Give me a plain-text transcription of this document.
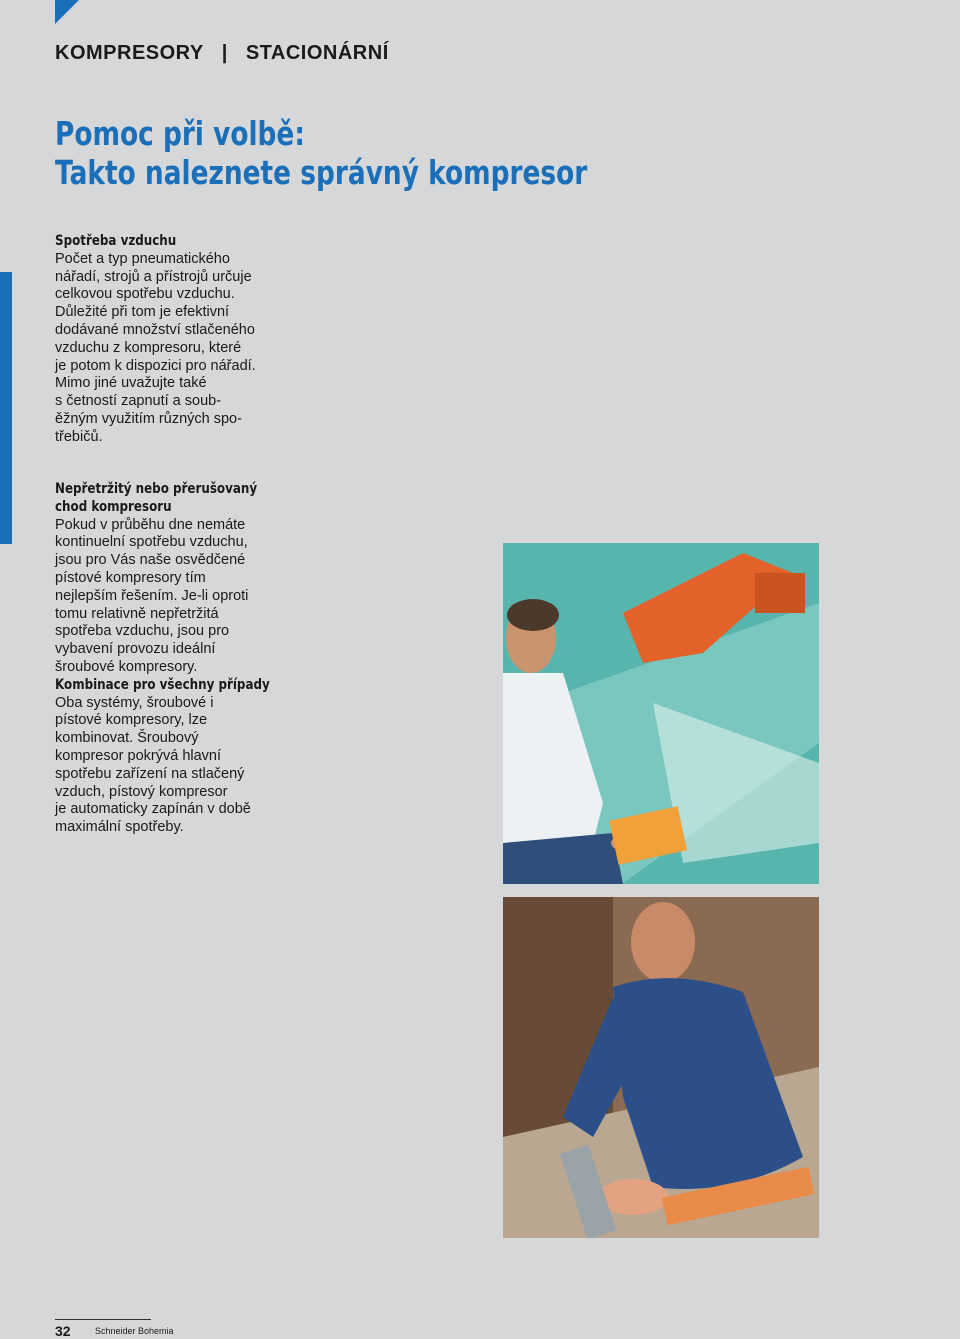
KOMPRESORY | STACIONÁRNÍ
Pomoc při volbě:
Takto naleznete správný kompresor
Spotřeba vzduchu

Počet a typ pneumatického

nářadí, strojů a přístrojů určuje

celkovou spotřebu vzduchu.

Důležité při tom je efektivní

dodávané množství stlačeného

vzduchu z kompresoru, které

je potom k dispozici pro nářadí.

Mimo jiné uvažujte také

s četností zapnutí a soub-

ěžným využitím různých spo-

třebičů.

Nepřetržitý nebo přerušovaný
chod kompresoru

Pokud v průběhu dne nemáte

kontinuelní spotřebu vzduchu,

jsou pro Vás naše osvědčené

pístové kompresory tím

nejlepším řešením. Je-li oproti

tomu relativně nepřetržitá

spotřeba vzduchu, jsou pro

vybavení provozu ideální

šroubové kompresory.

Kombinace pro všechny případy

Oba systémy, šroubové i

pístové kompresory, lze

kombinovat. Šroubový

kompresor pokrývá hlavní

spotřebu zařízení na stlačený

vzduch, pístový kompresor

je automaticky zapínán v době

maximální spotřeby.

32	Schneider Bohemia
